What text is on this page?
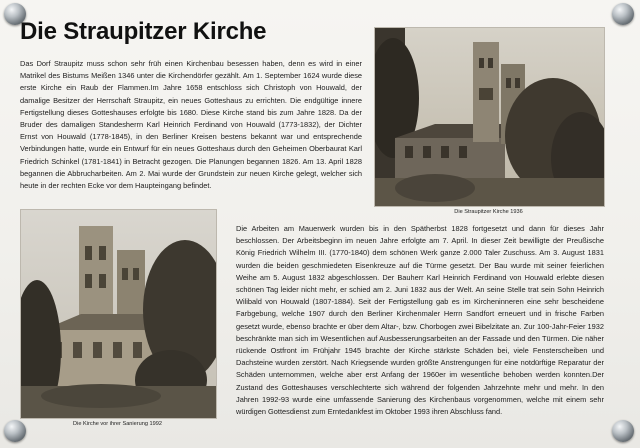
Die Straupitzer Kirche

Das Dorf Straupitz muss schon sehr früh einen Kirchenbau besessen haben, denn es wird in einer Matrikel des Bistums Meißen 1346 unter die Kirchendörfer gezählt. Am 1. September 1624 wurde diese erste Kirche ein Raub der Flammen.Im Jahre 1658 entschloss sich Christoph von Houwald, der damalige Besitzer der Herrschaft Straupitz, ein neues Gotteshaus zu errichten. Die endgültige innere Fertigstellung dieses Gotteshauses erfolgte bis 1680. Diese Kirche stand bis zum Jahre 1828. Da der Bruder des damaligen Standesherrn Karl Heinrich Ferdinand von Houwald (1773-1832), der Dichter Ernst von Houwald (1778-1845), in den Berliner Kreisen bestens bekannt war und entsprechende Verbindungen hatte, wurde ein Entwurf für ein neues Gotteshaus durch den Geheimen Oberbaurat Karl Friedrich Schinkel (1781-1841) in Betracht gezogen. Die Planungen begannen 1826. Am 13. April 1828 begannen die Abbrucharbeiten. Am 2. Mai wurde der Grundstein zur neuen Kirche gelegt, welcher sich heute in der rechten Ecke vor dem Haupteingang befindet.

Die Straupitzer Kirche 1936

Die Kirche vor ihrer Sanierung 1992

Die Arbeiten am Mauerwerk wurden bis in den Spätherbst 1828 fortgesetzt und dann für dieses Jahr beschlossen. Der Arbeitsbeginn im neuen Jahre erfolgte am 7. April. In dieser Zeit bewilligte der Preußische König Friedrich Wilhelm III. (1770-1840) dem schönen Werk ganze 2.000 Taler Zuschuss. Am 3. August 1831 wurden die beiden geschmiedeten Eisenkreuze auf die Türme gesetzt. Der Bau wurde mit seiner feierlichen Weihe am 5. August 1832 abgeschlossen. Der Bauherr Karl Heinrich Ferdinand von Houwald erlebte diesen schönen Tag leider nicht mehr, er schied am 2. Juni 1832 aus der Welt. An seine Stelle trat sein Sohn Heinrich Wilibald von Houwald (1807-1884). Seit der Fertigstellung gab es im Kircheninneren eine sehr bescheidene Farbgebung, welche 1907 durch den Berliner Kirchenmaler Herrn Sandfort erneuert und in frische Farben gesetzt wurde, ebenso brachte er über dem Altar-, bzw. Chorbogen zwei Bibelzitate an. Zur 100-Jahr-Feier 1932 beschränkte man sich im Wesentlichen auf Ausbesserungsarbeiten an der Fassade und den Türmen. Die näher rückende Ostfront im Frühjahr 1945 brachte der Kirche stärkste Schäden bei, viele Fensterscheiben und Dachsteine wurden zerstört. Nach Kriegsende wurden größte Anstrengungen für eine notdürftige Reparatur der Schäden unternommen, welche aber erst Anfang der 1960er im wesentliche behoben werden konnten.Der Zustand des Gotteshauses verschlechterte sich während der folgenden Jahrzehnte mehr und mehr. In den Jahren 1992-93 wurde eine umfassende Sanierung des Kirchenbaus vorgenommen, welche mit einem sehr würdigen Gottesdienst zum Erntedankfest im Oktober 1993 ihren Abschluss fand.
